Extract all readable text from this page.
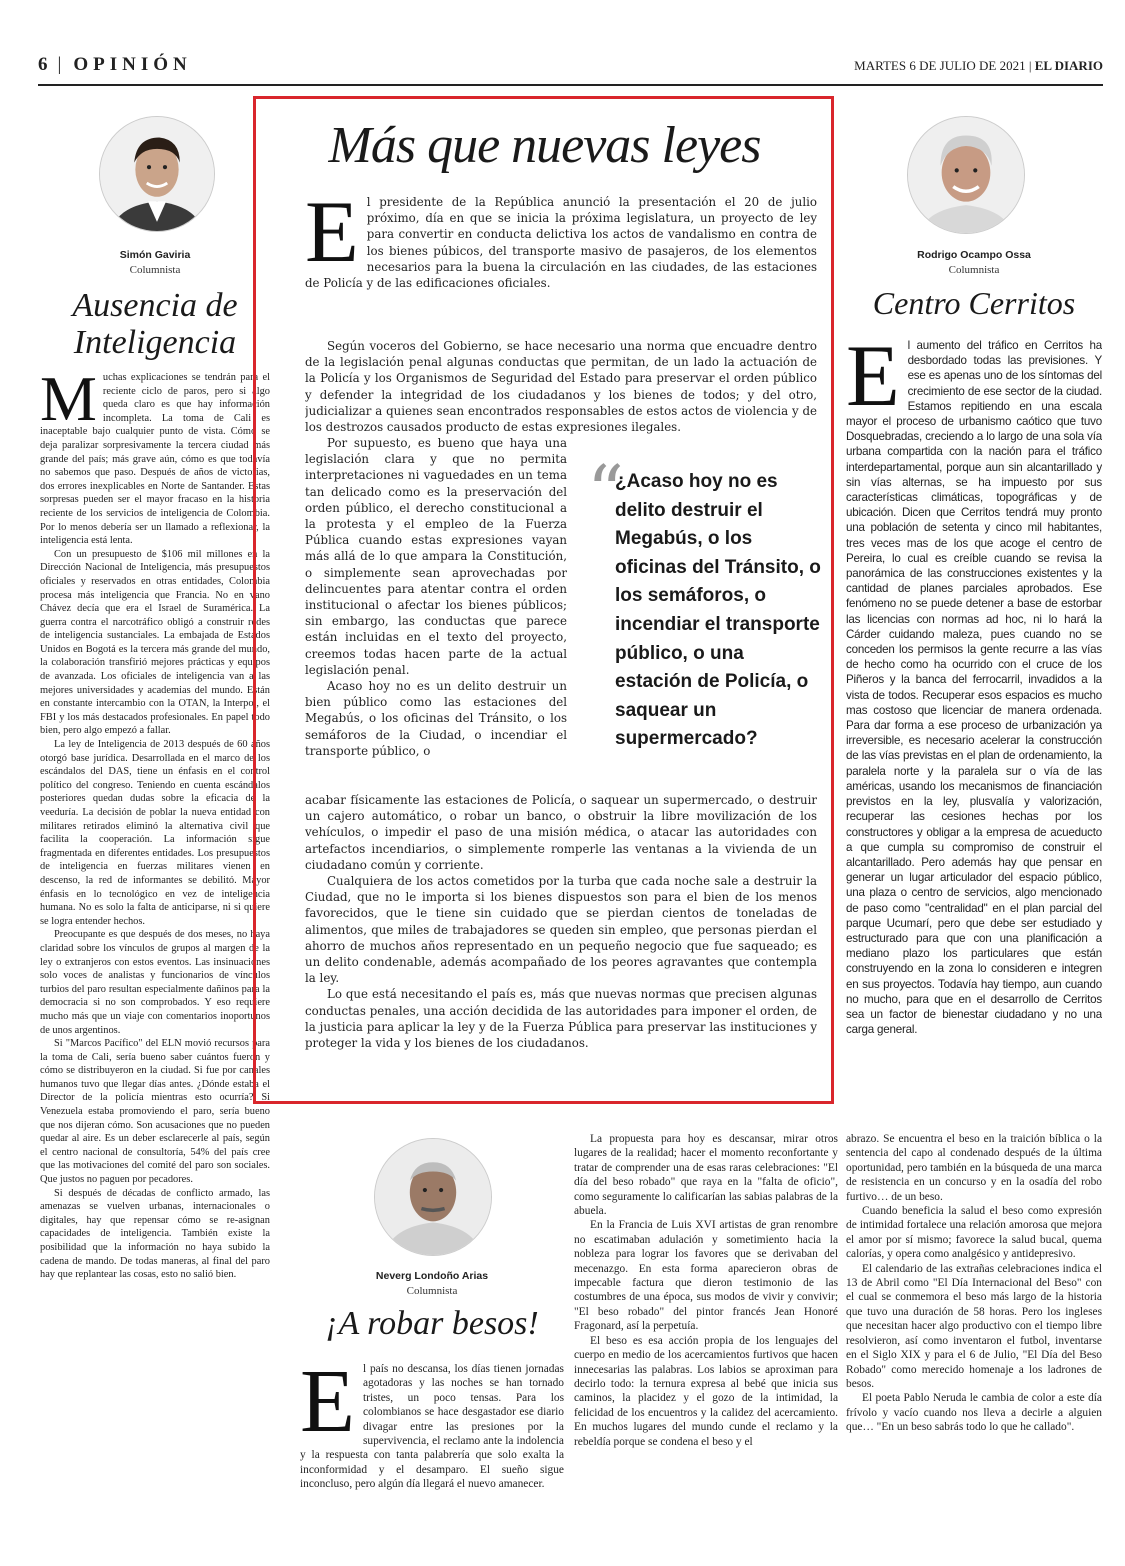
6 | OPINIÓN	MARTES 6 DE JULIO DE 2021 | EL DIARIO
Simón Gaviria
Columnista
Ausencia de Inteligencia

Muchas explicaciones se tendrán para el reciente ciclo de paros, pero si algo queda claro es que hay información incompleta. La toma de Cali es inaceptable bajo cualquier punto de vista. Cómo se deja paralizar sorpresivamente la tercera ciudad más grande del país; más grave aún, cómo es que todavía no sabemos que paso. Después de años de victorias, dos errores inexplicables en Norte de Santander. Estas sorpresas pueden ser el mayor fracaso en la historia reciente de los servicios de inteligencia de Colombia. Por lo menos debería ser un llamado a reflexionar, la inteligencia está lenta.

Con un presupuesto de $106 mil millones en la Dirección Nacional de Inteligencia, más presupuestos oficiales y reservados en otras entidades, Colombia procesa más inteligencia que Francia. No en vano Chávez decía que era el Israel de Suramérica. La guerra contra el narcotráfico obligó a construir redes de inteligencia sustanciales. La embajada de Estados Unidos en Bogotá es la tercera más grande del mundo, la colaboración transfirió mejores prácticas y equipos de avanzada. Los oficiales de inteligencia van a las mejores universidades y academias del mundo. Están en constante intercambio con la OTAN, la Interpol, el FBI y los más destacados profesionales. En papel todo bien, pero algo empezó a fallar.

La ley de Inteligencia de 2013 después de 60 años otorgó base jurídica. Desarrollada en el marco de los escándalos del DAS, tiene un énfasis en el control político del congreso. Teniendo en cuenta escándalos posteriores quedan dudas sobre la eficacia de la veeduría. La decisión de poblar la nueva entidad con militares retirados eliminó la alternativa civil que facilita la cooperación. La información sigue fragmentada en diferentes entidades. Los presupuestos de inteligencia en fuerzas militares vienen en descenso, la red de informantes se debilitó. Mayor énfasis en lo tecnológico en vez de inteligencia humana. No es solo la falta de anticiparse, ni si quiere se logra entender hechos.

Preocupante es que después de dos meses, no haya claridad sobre los vínculos de grupos al margen de la ley o extranjeros con estos eventos. Las insinuaciones solo voces de analistas y funcionarios de vínculos turbios del paro resultan especialmente dañinos para la democracia si no son comprobados. Y eso requiere mucho más que un viaje con comentarios inoportunos de unos argentinos.

Si "Marcos Pacífico" del ELN movió recursos para la toma de Cali, sería bueno saber cuántos fueron y cómo se distribuyeron en la ciudad. Si fue por canales humanos tuvo que llegar días antes. ¿Dónde estaba el Director de la policía mientras esto ocurría? Si Venezuela estaba promoviendo el paro, sería bueno que nos dijeran cómo. Son acusaciones que no pueden quedar al aire. Es un deber esclarecerle al país, según el centro nacional de consultoría, 54% del país cree que las motivaciones del comité del paro son sociales. Que justos no paguen por pecadores.

Si después de décadas de conflicto armado, las amenazas se vuelven urbanas, internacionales o digitales, hay que repensar cómo se re-asignan capacidades de inteligencia. También existe la posibilidad que la información no haya subido la cadena de mando. De todas maneras, al final del paro hay que replantear las cosas, esto no salió bien.

Más que nuevas leyes

El presidente de la República anunció la presentación el 20 de julio próximo, día en que se inicia la próxima legislatura, un proyecto de ley para convertir en conducta delictiva los actos de vandalismo en contra de los bienes púbicos, del transporte masivo de pasajeros, de los elementos necesarios para la buena la circulación en las ciudades, de las estaciones de Policía y de las edificaciones oficiales.

Según voceros del Gobierno, se hace necesario una norma que encuadre dentro de la legislación penal algunas conductas que permitan, de un lado la actuación de la Policía y los Organismos de Seguridad del Estado para preservar el orden público y defender la integridad de los ciudadanos y los bienes de todos; y del otro, judicializar a quienes sean encontrados responsables de estos actos de violencia y de los destrozos causados producto de estas expresiones ilegales.

Por supuesto, es bueno que haya una legislación clara y que no permita interpretaciones ni vaguedades en un tema tan delicado como es la preservación del orden público, el derecho constitucional a la protesta y el empleo de la Fuerza Pública cuando estas expresiones vayan más allá de lo que ampara la Constitución, o simplemente sean aprovechadas por delincuentes para atentar contra el orden institucional o afectar los bienes públicos; sin embargo, las conductas que parece están incluidas en el texto del proyecto, creemos todas hacen parte de la actual legislación penal.

Acaso hoy no es un delito destruir un bien público como las estaciones del Megabús, o los oficinas del Tránsito, o los semáforos de la Ciudad, o incendiar el transporte público, o

acabar físicamente las estaciones de Policía, o saquear un supermercado, o destruir un cajero automático, o robar un banco, o obstruir la libre movilización de los vehículos, o impedir el paso de una misión médica, o atacar las autoridades con artefactos incendiarios, o simplemente romperle las ventanas a la vivienda de un ciudadano común y corriente.

Cualquiera de los actos cometidos por la turba que cada noche sale a destruir la Ciudad, que no le importa si los bienes dispuestos son para el bien de los menos favorecidos, que le tiene sin cuidado que se pierdan cientos de toneladas de alimentos, que miles de trabajadores se queden sin empleo, que personas pierdan el ahorro de muchos años representado en un pequeño negocio que fue saqueado; es un delito condenable, además acompañado de los peores agravantes que contempla la ley.

Lo que está necesitando el país es, más que nuevas normas que precisen algunas conductas penales, una acción decidida de las autoridades para imponer el orden, de la justicia para aplicar la ley y de la Fuerza Pública para preservar las instituciones y proteger la vida y los bienes de los ciudadanos.

“
¿Acaso hoy no es delito destruir el Megabús, o los oficinas del Tránsito, o los semáforos, o incendiar el transporte público, o una estación de Policía, o saquear un supermercado?
Rodrigo Ocampo Ossa
Columnista
Centro Cerritos

El aumento del tráfico en Cerritos ha desbordado todas las previsiones. Y ese es apenas uno de los síntomas del crecimiento de ese sector de la ciudad. Estamos repitiendo en una escala mayor el proceso de urbanismo caótico que tuvo Dosquebradas, creciendo a lo largo de una sola vía urbana compartida con la nación para el tráfico interdepartamental, porque aun sin alcantarillado y sin vías alternas, se ha impuesto por sus características climáticas, topográficas y de ubicación. Dicen que Cerritos tendrá muy pronto una población de setenta y cinco mil habitantes, tres veces mas de los que acoge el centro de Pereira, lo cual es creíble cuando se revisa la panorámica de las construcciones existentes y la cantidad de planes parciales aprobados. Ese fenómeno no se puede detener a base de estorbar las licencias con normas ad hoc, ni lo hará la Cárder cuidando maleza, pues cuando no se conceden los permisos la gente recurre a las vías de hecho como ha ocurrido con el cruce de los Piñeros y la banca del ferrocarril, invadidos a la vista de todos. Recuperar esos espacios es mucho mas costoso que licenciar de manera ordenada. Para dar forma a ese proceso de urbanización ya irreversible, es necesario acelerar la construcción de las vías previstas en el plan de ordenamiento, la paralela norte y la paralela sur o vía de las américas, usando los mecanismos de financiación previstos en la ley, plusvalía y valorización, recuperar las cesiones hechas por los constructores y obligar a la empresa de acueducto a que cumpla su compromiso de construir el alcantarillado. Pero además hay que pensar en generar un lugar articulador del espacio público, una plaza o centro de servicios, algo mencionado de paso como "centralidad" en el plan parcial del parque Ucumarí, pero que debe ser estudiado y estructurado para que con una planificación a mediano plazo los particulares que están construyendo en la zona lo consideren e integren en sus proyectos. Todavía hay tiempo, aun cuando no mucho, para que en el desarrollo de Cerritos sea un factor de bienestar ciudadano y no una carga general.

Neverg Londoño Arias
Columnista
¡A robar besos!

El país no descansa, los días tienen jornadas agotadoras y las noches se han tornado tristes, un poco tensas. Para los colombianos se hace desgastador ese diario divagar entre las presiones por la supervivencia, el reclamo ante la indolencia y la respuesta con tanta palabrería que solo exalta la inconformidad y el desamparo. El sueño sigue inconcluso, pero algún día llegará el nuevo amanecer.

La propuesta para hoy es descansar, mirar otros lugares de la realidad; hacer el momento reconfortante y tratar de comprender una de esas raras celebraciones: "El día del beso robado" que raya en la "falta de oficio", como seguramente lo calificarían las sabias palabras de la abuela.

En la Francia de Luis XVI artistas de gran renombre no escatimaban adulación y sometimiento hacia la nobleza para lograr los favores que se derivaban del mecenazgo. En esta forma aparecieron obras de impecable factura que dieron testimonio de las costumbres de una época, sus modos de vivir y convivir; "El beso robado" del pintor francés Jean Honoré Fragonard, así la perpetuía.

El beso es esa acción propia de los lenguajes del cuerpo en medio de los acercamientos furtivos que hacen innecesarias las palabras. Los labios se aproximan para decirlo todo: la ternura expresa al bebé que inicia sus caminos, la placidez y el gozo de la intimidad, la felicidad de los encuentros y la calidez del acercamiento. En muchos lugares del mundo cunde el reclamo y la rebeldía porque se condena el beso y el

abrazo. Se encuentra el beso en la traición bíblica o la sentencia del capo al condenado después de la última oportunidad, pero también en la búsqueda de una marca de resistencia en un concurso y en la osadía del robo furtivo… de un beso.

Cuando beneficia la salud el beso como expresión de intimidad fortalece una relación amorosa que mejora el amor por sí mismo; favorece la salud bucal, quema calorías, y opera como analgésico y antidepresivo.

El calendario de las extrañas celebraciones indica el 13 de Abril como "El Día Internacional del Beso" con el cual se conmemora el beso más largo de la historia que tuvo una duración de 58 horas. Pero los ingleses que necesitan hacer algo productivo con el tiempo libre resolvieron, así como inventaron el futbol, inventarse en el Siglo XIX y para el 6 de Julio, "El Día del Beso Robado" como merecido homenaje a los ladrones de besos.

El poeta Pablo Neruda le cambia de color a este día frívolo y vacío cuando nos lleva a decirle a alguien que… "En un beso sabrás todo lo que he callado".
